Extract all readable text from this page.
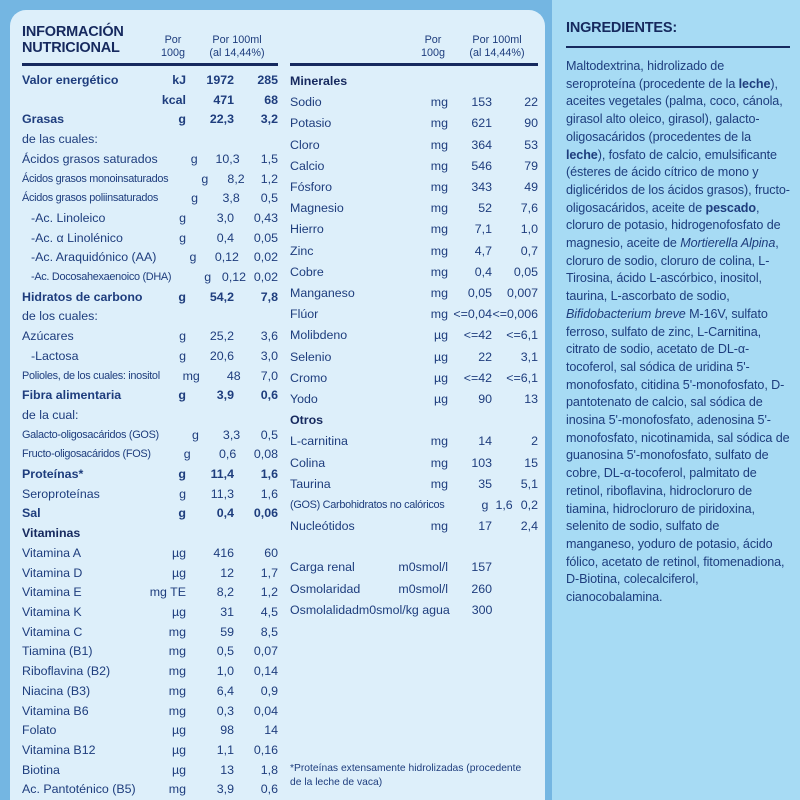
INFORMACIÓN NUTRICIONAL	Por
100g
Por 100ml
(al 14,44%)
Valor energético	kJ	1972	285
kcal	471	68
Grasas	g	22,3	3,2
de las cuales:
Ácidos grasos saturados	g	10,3	1,5
Ácidos grasos monoinsaturados	g	8,2	1,2
Ácidos grasos poliinsaturados	g	3,8	0,5
-Ac. Linoleico	g	3,0	0,43
-Ac. α Linolénico	g	0,4	0,05
-Ac. Araquidónico (AA)	g	0,12	0,02
-Ac. Docosahexaenoico (DHA)	g 0,12 0,02
Hidratos de carbono	g	54,2	7,8
de los cuales:
Azúcares	g	25,2	3,6
-Lactosa	g	20,6	3,0
Polioles, de los cuales: inositol	mg	48	7,0
Fibra alimentaria	g	3,9	0,6
de la cual:
Galacto-oligosacáridos (GOS)	g	3,3	0,5
Fructo-oligosacáridos (FOS)	g	0,6	0,08
Proteínas*	g	11,4	1,6
Seroproteínas	g	11,3	1,6
Sal	g	0,4	0,06
Vitaminas
Vitamina A	µg	416	60
Vitamina D	µg	12	1,7
Vitamina E	mg TE	8,2	1,2
Vitamina K	µg	31	4,5
Vitamina C	mg	59	8,5
Tiamina (B1)	mg	0,5	0,07
Riboflavina (B2)	mg	1,0	0,14
Niacina (B3)	mg	6,4	0,9
Vitamina B6	mg	0,3	0,04
Folato	µg	98	14
Vitamina B12	µg	1,1	0,16
Biotina	µg	13	1,8
Ac. Pantoténico (B5)	mg	3,9	0,6
Por
100g
Por 100ml
(al 14,44%)
Minerales
Sodio	mg	153	22
Potasio	mg	621	90
Cloro	mg	364	53
Calcio	mg	546	79
Fósforo	mg	343	49
Magnesio	mg	52	7,6
Hierro	mg	7,1	1,0
Zinc	mg	4,7	0,7
Cobre	mg	0,4	0,05
Manganeso	mg	0,05	0,007
Flúor	mg <=0,04 <=0,006
Molibdeno	µg	<=42	<=6,1
Selenio	µg	22	3,1
Cromo	µg	<=42	<=6,1
Yodo	µg	90	13
Otros
L-carnitina	mg	14	2
Colina	mg	103	15
Taurina	mg	35	5,1
(GOS) Carbohidratos no calóricos	g 1,6 0,2
Nucleótidos	mg	17	2,4
Carga renal	m0smol/l	157
Osmolaridad	m0smol/l	260
Osmolalidad m0smol/kg agua	300
*Proteínas extensamente hidrolizadas (procedente
de la leche de vaca)
INGREDIENTES:

Maltodextrina, hidrolizado de seroproteína (procedente de la leche), aceites vegetales (palma, coco, cánola, girasol alto oleico, girasol), galacto-oligosacáridos (procedentes de la leche), fosfato de calcio, emulsificante (ésteres de ácido cítrico de mono y diglicéridos de los ácidos grasos), fructo-oligosacáridos, aceite de pescado, cloruro de potasio, hidrogenofosfato de magnesio, aceite de Mortierella Alpina, cloruro de sodio, cloruro de colina, L-Tirosina, ácido L-ascórbico, inositol, taurina, L-ascorbato de sodio, Bifidobacterium breve M-16V, sulfato ferroso, sulfato de zinc, L-Carnitina, citrato de sodio, acetato de DL-α-tocoferol, sal sódica de uridina 5'-monofosfato, citidina 5'-monofosfato, D-pantotenato de calcio, sal sódica de inosina 5'-monofosfato, adenosina 5'-monofosfato, nicotinamida, sal sódica de guanosina 5'-monofosfato, sulfato de cobre, DL-α-tocoferol, palmitato de retinol, riboflavina, hidrocloruro de tiamina, hidrocloruro de piridoxina, selenito de sodio, sulfato de manganeso, yoduro de potasio, ácido fólico, acetato de retinol, fitomenadiona, D-Biotina, colecalciferol, cianocobalamina.
